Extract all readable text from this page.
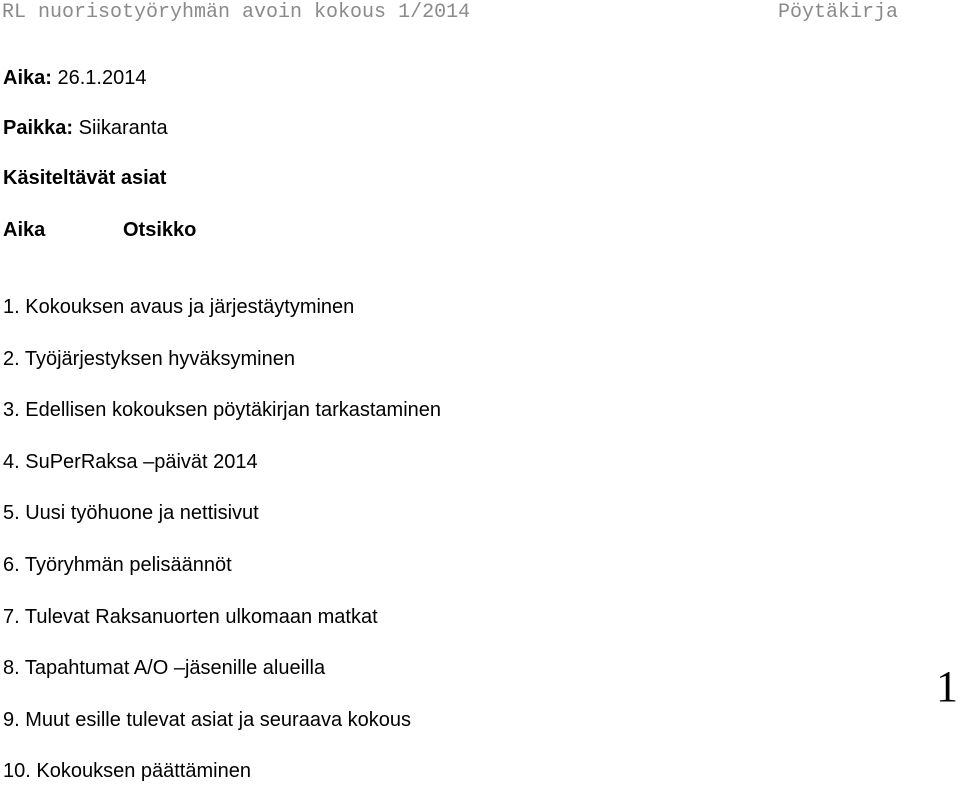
RL nuorisotyöryhmän avoin kokous 1/2014	Pöytäkirja
Aika: 26.1.2014
Paikka: Siikaranta
Käsiteltävät asiat
Aika	Otsikko
1. Kokouksen avaus ja järjestäytyminen
2. Työjärjestyksen hyväksyminen
3. Edellisen kokouksen pöytäkirjan tarkastaminen
4. SuPerRaksa –päivät 2014
5. Uusi työhuone ja nettisivut
6. Työryhmän pelisäännöt
7. Tulevat Raksanuorten ulkomaan matkat
8. Tapahtumat A/O –jäsenille alueilla
9. Muut esille tulevat asiat ja seuraava kokous
10. Kokouksen päättäminen
1
